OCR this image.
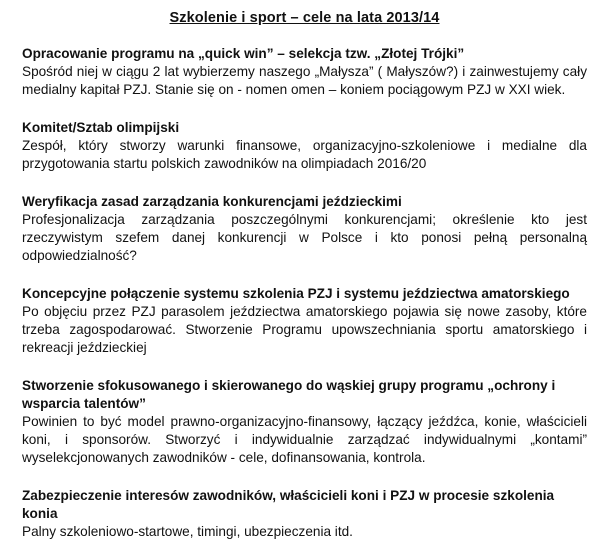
Szkolenie i sport – cele na lata 2013/14
Opracowanie programu na „quick win” – selekcja tzw. „Złotej Trójki”

Spośród niej w ciągu 2 lat wybierzemy naszego „Małysza” ( Małyszów?) i zainwestujemy cały medialny kapitał PZJ. Stanie się on - nomen omen – koniem pociągowym PZJ w XXI wiek.

Komitet/Sztab olimpijski

Zespół, który stworzy warunki finansowe, organizacyjno-szkoleniowe i medialne dla przygotowania startu polskich zawodników na olimpiadach 2016/20

Weryfikacja zasad zarządzania konkurencjami jeździeckimi

Profesjonalizacja zarządzania poszczególnymi konkurencjami; określenie kto jest rzeczywistym szefem danej konkurencji w Polsce i kto ponosi pełną personalną odpowiedzialność?

Koncepcyjne połączenie systemu szkolenia PZJ i systemu jeździectwa amatorskiego

Po objęciu przez PZJ parasolem jeździectwa amatorskiego pojawia się nowe zasoby, które trzeba zagospodarować. Stworzenie Programu upowszechniania sportu amatorskiego i rekreacji jeździeckiej

Stworzenie sfokusowanego i skierowanego do wąskiej grupy programu „ochrony i wsparcia talentów”

Powinien to być model prawno-organizacyjno-finansowy, łączący jeźdźca, konie, właścicieli koni, i sponsorów. Stworzyć i indywidualnie zarządzać indywidualnymi „kontami” wyselekcjonowanych zawodników - cele, dofinansowania, kontrola.

Zabezpieczenie interesów zawodników, właścicieli koni i PZJ w procesie szkolenia konia

Palny szkoleniowo-startowe, timingi, ubezpieczenia itd.
